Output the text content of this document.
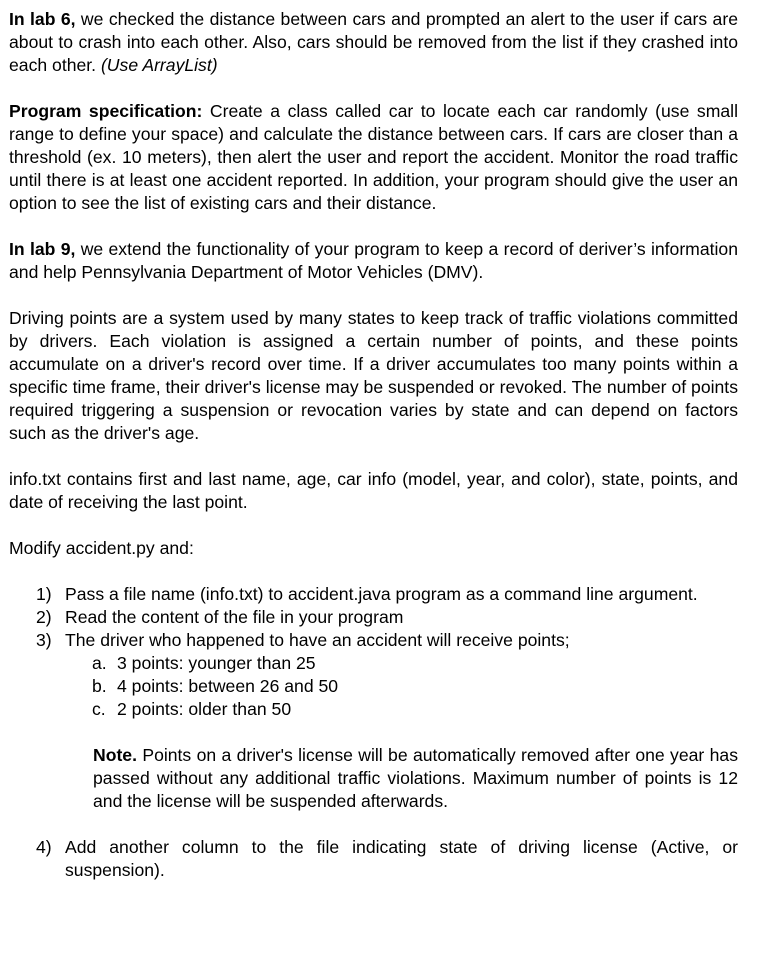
In lab 6, we checked the distance between cars and prompted an alert to the user if cars are about to crash into each other. Also, cars should be removed from the list if they crashed into each other. (Use ArrayList)

Program specification: Create a class called car to locate each car randomly (use small range to define your space) and calculate the distance between cars. If cars are closer than a threshold (ex. 10 meters), then alert the user and report the accident. Monitor the road traffic until there is at least one accident reported. In addition, your program should give the user an option to see the list of existing cars and their distance.

In lab 9, we extend the functionality of your program to keep a record of deriver’s information and help Pennsylvania Department of Motor Vehicles (DMV).

Driving points are a system used by many states to keep track of traffic violations committed by drivers. Each violation is assigned a certain number of points, and these points accumulate on a driver's record over time. If a driver accumulates too many points within a specific time frame, their driver's license may be suspended or revoked. The number of points required triggering a suspension or revocation varies by state and can depend on factors such as the driver's age.

info.txt contains first and last name, age, car info (model, year, and color), state, points, and date of receiving the last point.

Modify accident.py and:

1) Pass a file name (info.txt) to accident.java program as a command line argument.
2) Read the content of the file in your program
3) The driver who happened to have an accident will receive points;
a. 3 points: younger than 25
b. 4 points: between 26 and 50
c. 2 points: older than 50

Note. Points on a driver's license will be automatically removed after one year has passed without any additional traffic violations. Maximum number of points is 12 and the license will be suspended afterwards.

4) Add another column to the file indicating state of driving license (Active, or suspension).
